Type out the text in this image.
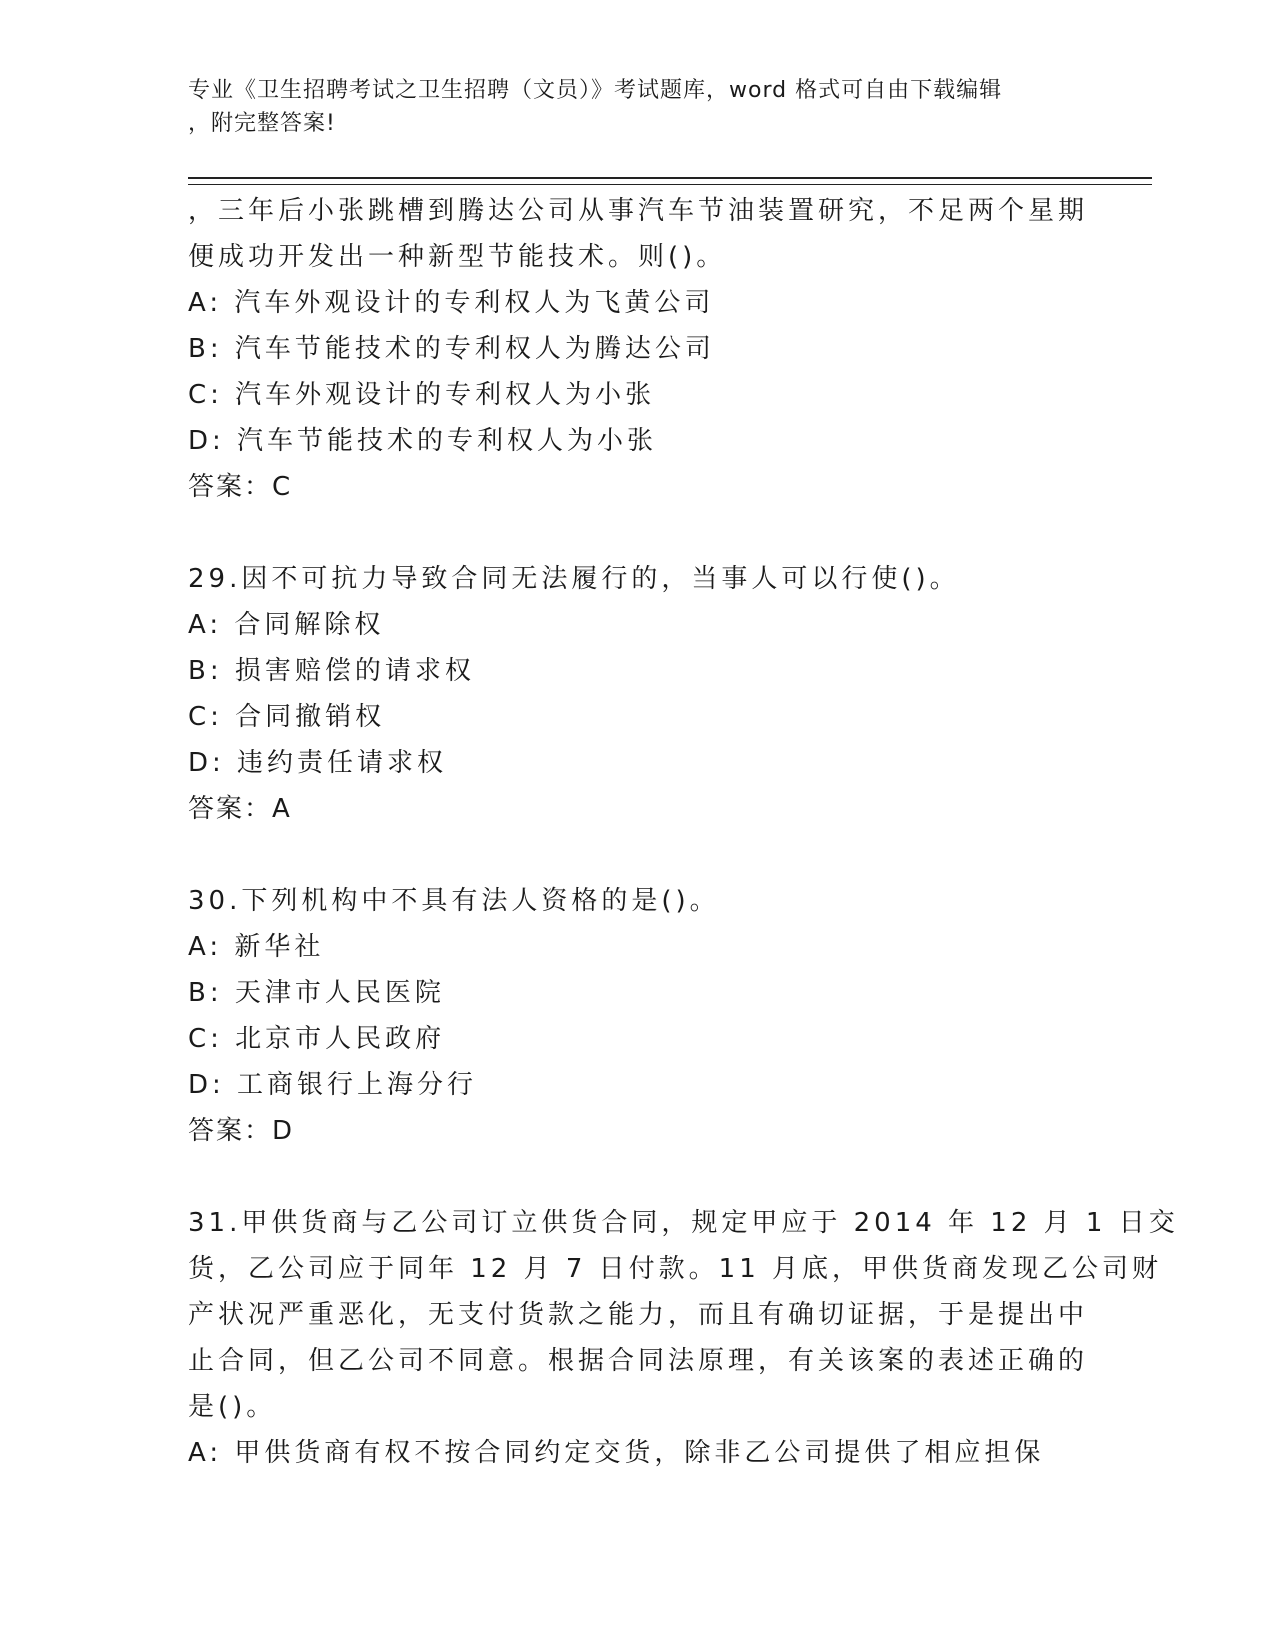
专业《卫生招聘考试之卫生招聘（文员）》考试题库，word 格式可自由下载编辑
，附完整答案!
，三年后小张跳槽到腾达公司从事汽车节油装置研究，不足两个星期
便成功开发出一种新型节能技术。则()。
A: 汽车外观设计的专利权人为飞黄公司
B: 汽车节能技术的专利权人为腾达公司
C: 汽车外观设计的专利权人为小张
D: 汽车节能技术的专利权人为小张
答案：C
29.因不可抗力导致合同无法履行的，当事人可以行使()。
A: 合同解除权
B: 损害赔偿的请求权
C: 合同撤销权
D: 违约责任请求权
答案：A
30.下列机构中不具有法人资格的是()。
A: 新华社
B: 天津市人民医院
C: 北京市人民政府
D: 工商银行上海分行
答案：D
31.甲供货商与乙公司订立供货合同，规定甲应于 2014 年 12 月 1 日交
货，乙公司应于同年 12 月 7 日付款。11 月底，甲供货商发现乙公司财
产状况严重恶化，无支付货款之能力，而且有确切证据，于是提出中
止合同，但乙公司不同意。根据合同法原理，有关该案的表述正确的
是()。
A: 甲供货商有权不按合同约定交货，除非乙公司提供了相应担保
